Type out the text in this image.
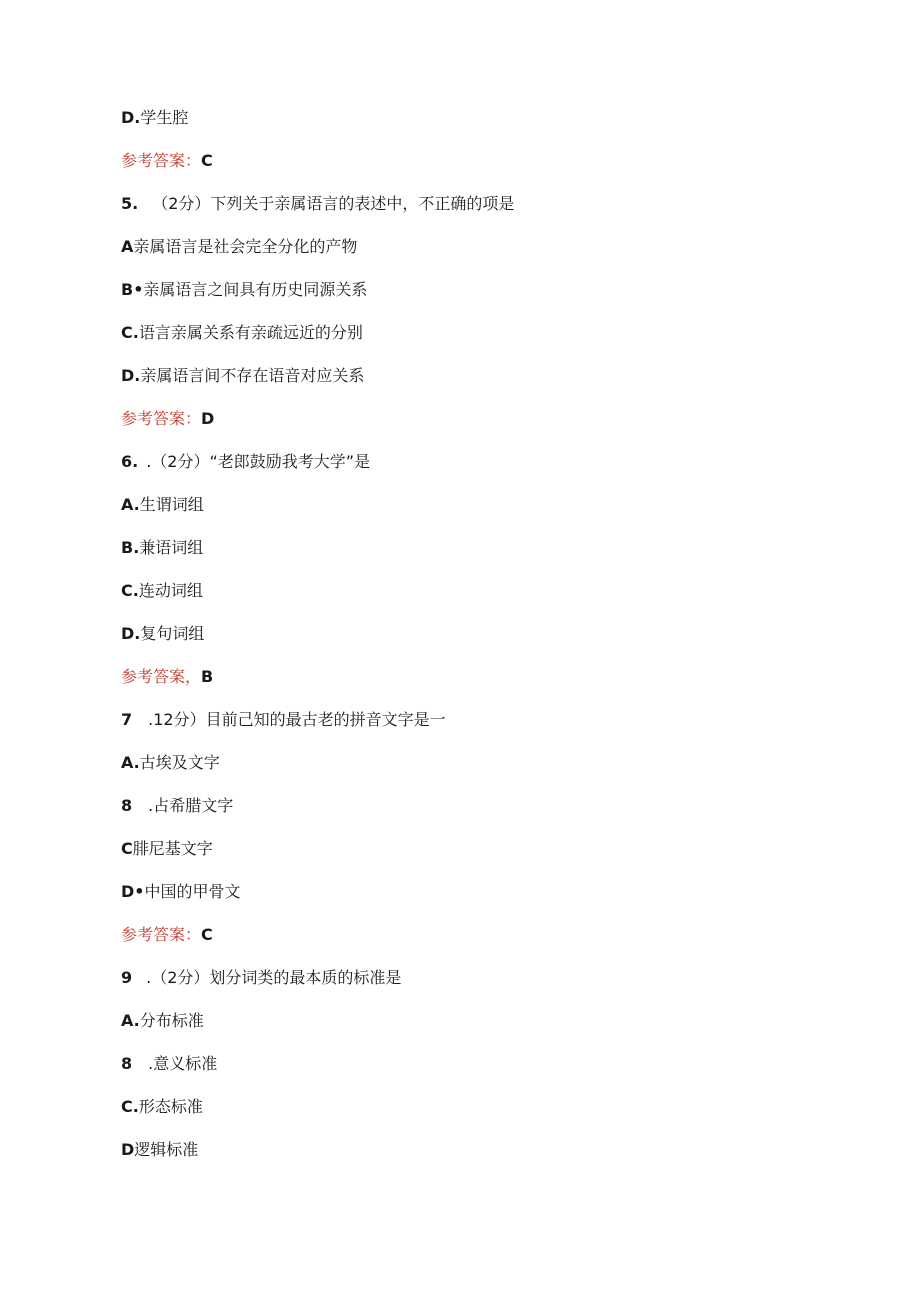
D.学生腔
参考答案：C
5. （2分）下列关于亲属语言的表述中，不正确的项是
A亲属语言是社会完全分化的产物
B•亲属语言之间具有历史同源关系
C.语言亲属关系有亲疏远近的分别
D.亲属语言间不存在语音对应关系
参考答案：D
6. .（2分）“老郎鼓励我考大学”是
A.生谓词组
B.兼语词组
C.连动词组
D.复句词组
参考答案，B
7 .12分）目前己知的最古老的拼音文字是一
A.古埃及文字
8 .占希腊文字
C腓尼基文字
D•中国的甲骨文
参考答案：C
9 .（2分）划分词类的最本质的标准是
A.分布标准
8 .意义标准
C.形态标准
D逻辑标准
